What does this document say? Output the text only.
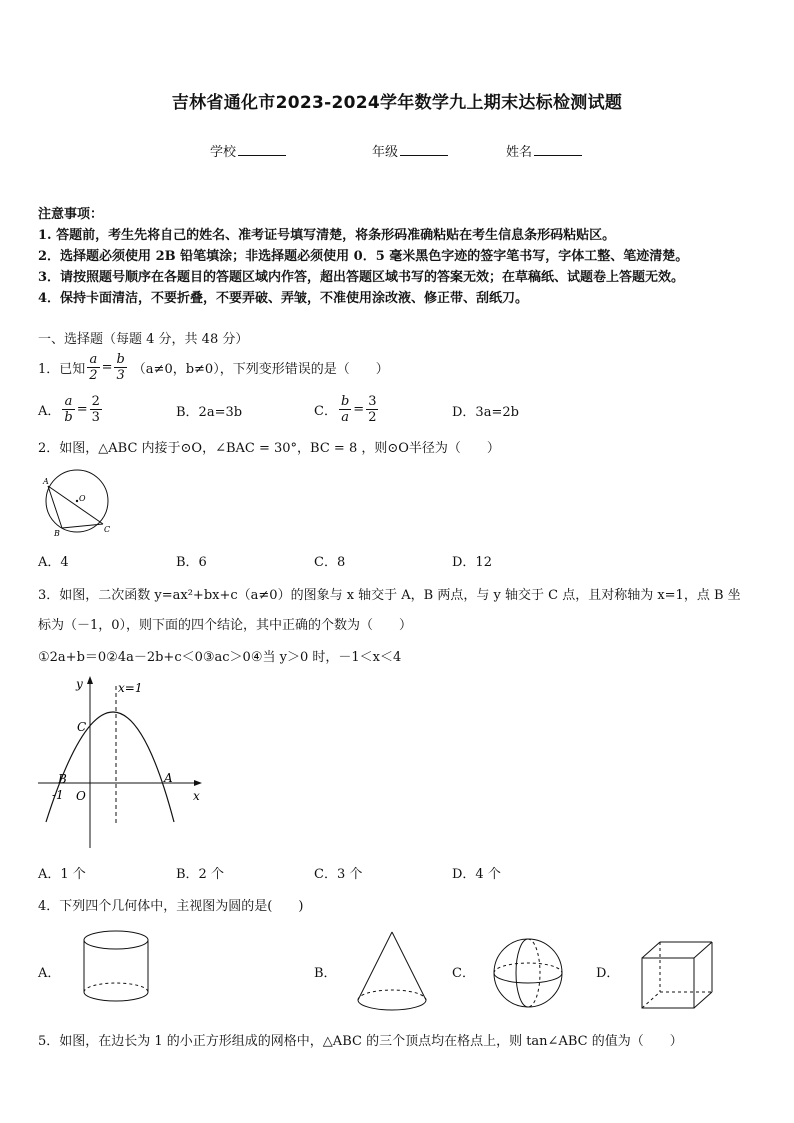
吉林省通化市2023-2024学年数学九上期末达标检测试题
学校	年级	姓名
注意事项：
1. 答题前，考生先将自己的姓名、准考证号填写清楚，将条形码准确粘贴在考生信息条形码粘贴区。
2．选择题必须使用 2B 铅笔填涂；非选择题必须使用 0．5 毫米黑色字迹的签字笔书写，字体工整、笔迹清楚。
3．请按照题号顺序在各题目的答题区域内作答，超出答题区域书写的答案无效；在草稿纸、试题卷上答题无效。
4．保持卡面清洁，不要折叠，不要弄破、弄皱，不准使用涂改液、修正带、刮纸刀。
一、选择题（每题 4 分，共 48 分）
1．已知 $\frac{a}{2} = \frac{b}{3} (a\ne 0$，b≠0），下列变形错误的是（　　）
A． $\frac{a}{b} = \frac{2}{3}$	B．2a=3b	C． $\frac{b}{a} = \frac{3}{2}$	D．3a=2b
2．如图，△ABC 内接于⊙O，∠BAC = 30°，BC = 8 ，则⊙O半径为（　　）
A
O
B	C
A．4	B．6	C．8	D．12
3．如图，二次函数 y=ax²+bx+c（a≠0）的图象与 x 轴交于 A，B 两点，与 y 轴交于 C 点，且对称轴为 x=1，点 B 坐
标为（－1，0），则下面的四个结论，其中正确的个数为（　　）
①2a+b＝0②4a－2b+c＜0③ac＞0④当 y＞0 时，－1＜x＜4
y
x
x=1
C
B	A
-1 O
A．1 个	B．2 个	C．3 个	D．4 个
4．下列四个几何体中，主视图为圆的是(　　)
A．	B．	C．	D．
5．如图，在边长为 1 的小正方形组成的网格中，△ABC 的三个顶点均在格点上，则 tan∠ABC 的值为（　　）
